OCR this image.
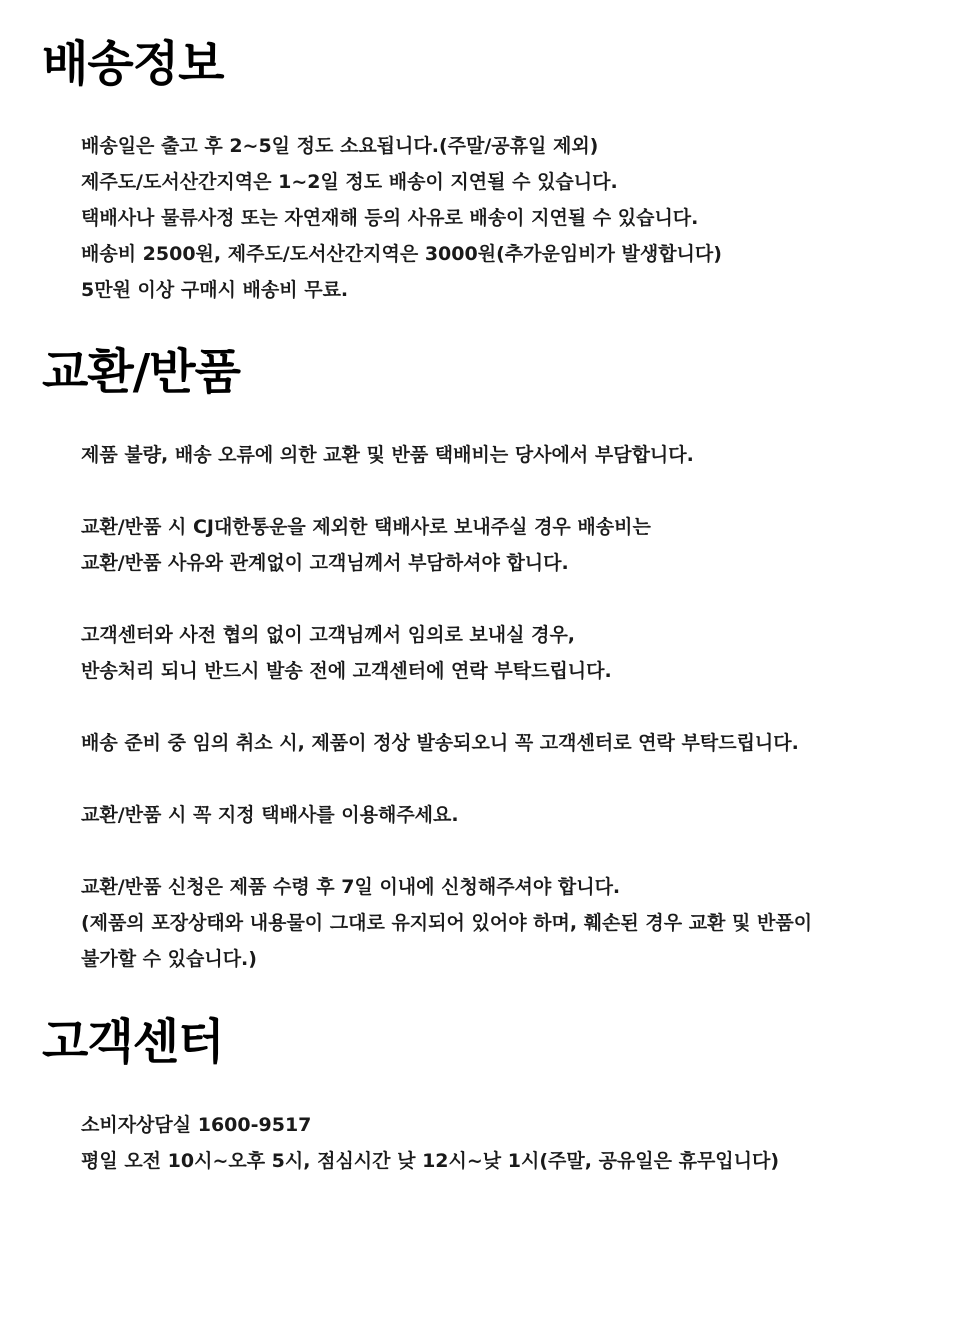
배송정보

배송일은 출고 후 2~5일 정도 소요됩니다.(주말/공휴일 제외)

제주도/도서산간지역은 1~2일 정도 배송이 지연될 수 있습니다.

택배사나 물류사정 또는 자연재해 등의 사유로 배송이 지연될 수 있습니다.

배송비 2500원, 제주도/도서산간지역은 3000원(추가운임비가 발생합니다)

5만원 이상 구매시 배송비 무료.

교환/반품

제품 불량, 배송 오류에 의한 교환 및 반품 택배비는 당사에서 부담합니다.

교환/반품 시 CJ대한통운을 제외한 택배사로 보내주실 경우 배송비는

교환/반품 사유와 관계없이 고객님께서 부담하셔야 합니다.

고객센터와 사전 협의 없이 고객님께서 임의로 보내실 경우,

반송처리 되니 반드시 발송 전에 고객센터에 연락 부탁드립니다.

배송 준비 중 임의 취소 시, 제품이 정상 발송되오니 꼭 고객센터로 연락 부탁드립니다.

교환/반품 시 꼭 지정 택배사를 이용해주세요.

교환/반품 신청은 제품 수령 후 7일 이내에 신청해주셔야 합니다.

(제품의 포장상태와 내용물이 그대로 유지되어 있어야 하며, 훼손된 경우 교환 및 반품이

불가할 수 있습니다.)

고객센터

소비자상담실 1600-9517

평일 오전 10시~오후 5시, 점심시간 낮 12시~낮 1시(주말, 공유일은 휴무입니다)
